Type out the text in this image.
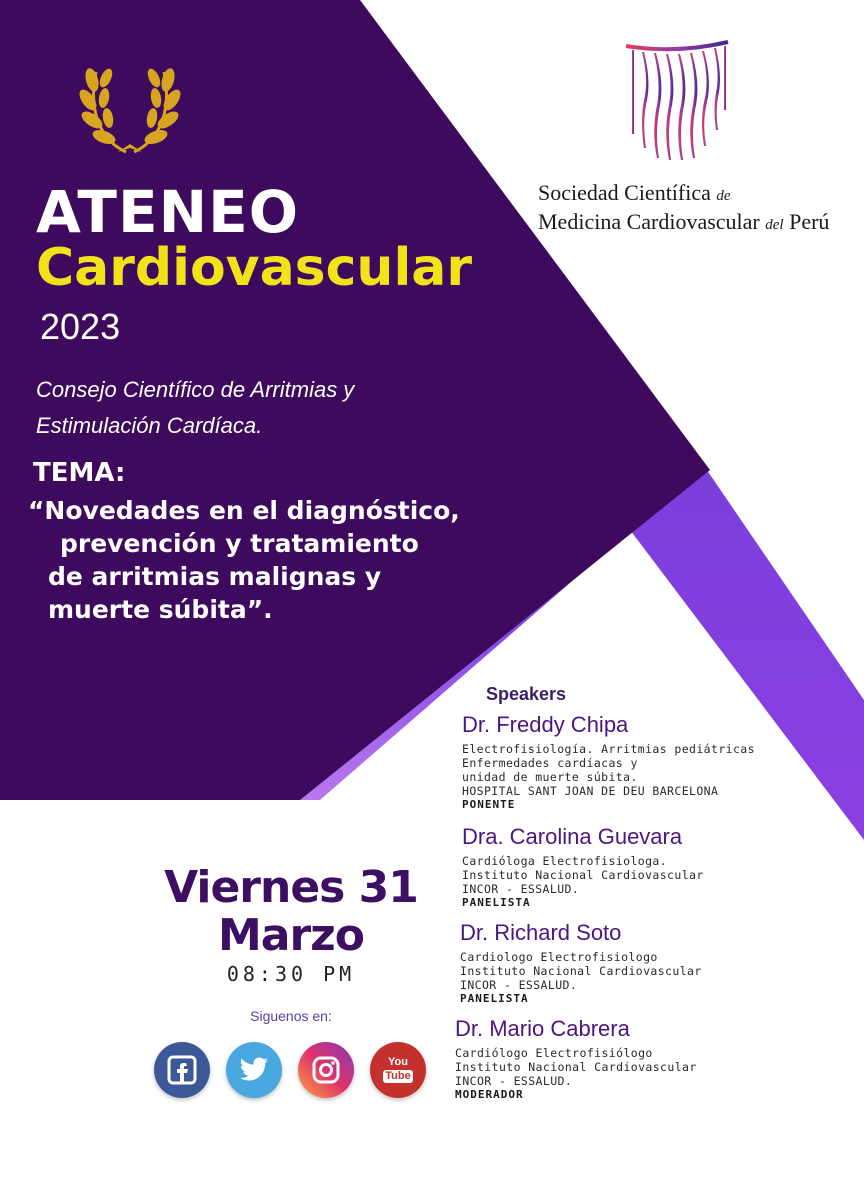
ATENEO
Cardiovascular
2023
Consejo Científico de Arritmias y
Estimulación Cardíaca.
TEMA:
“Novedades en el diagnóstico,
prevención y tratamiento
de arritmias malignas y
muerte súbita”.
Sociedad Científica de
Medicina Cardiovascular del Perú
Speakers
Dr. Freddy Chipa
Electrofisiología. Arritmias pediátricas
Enfermedades cardíacas y
unidad de muerte súbita.
HOSPITAL SANT JOAN DE DEU BARCELONA
PONENTE
Dra. Carolina Guevara
Cardióloga Electrofisiologa.
Instituto Nacional Cardiovascular
INCOR - ESSALUD.
PANELISTA
Dr. Richard Soto
Cardiologo Electrofisiologo
Instituto Nacional Cardiovascular
INCOR - ESSALUD.
PANELISTA
Dr. Mario Cabrera
Cardiólogo Electrofisiólogo
Instituto Nacional Cardiovascular
INCOR - ESSALUD.
MODERADOR
Viernes 31
Marzo
08:30 PM
Siguenos en:
You
Tube
